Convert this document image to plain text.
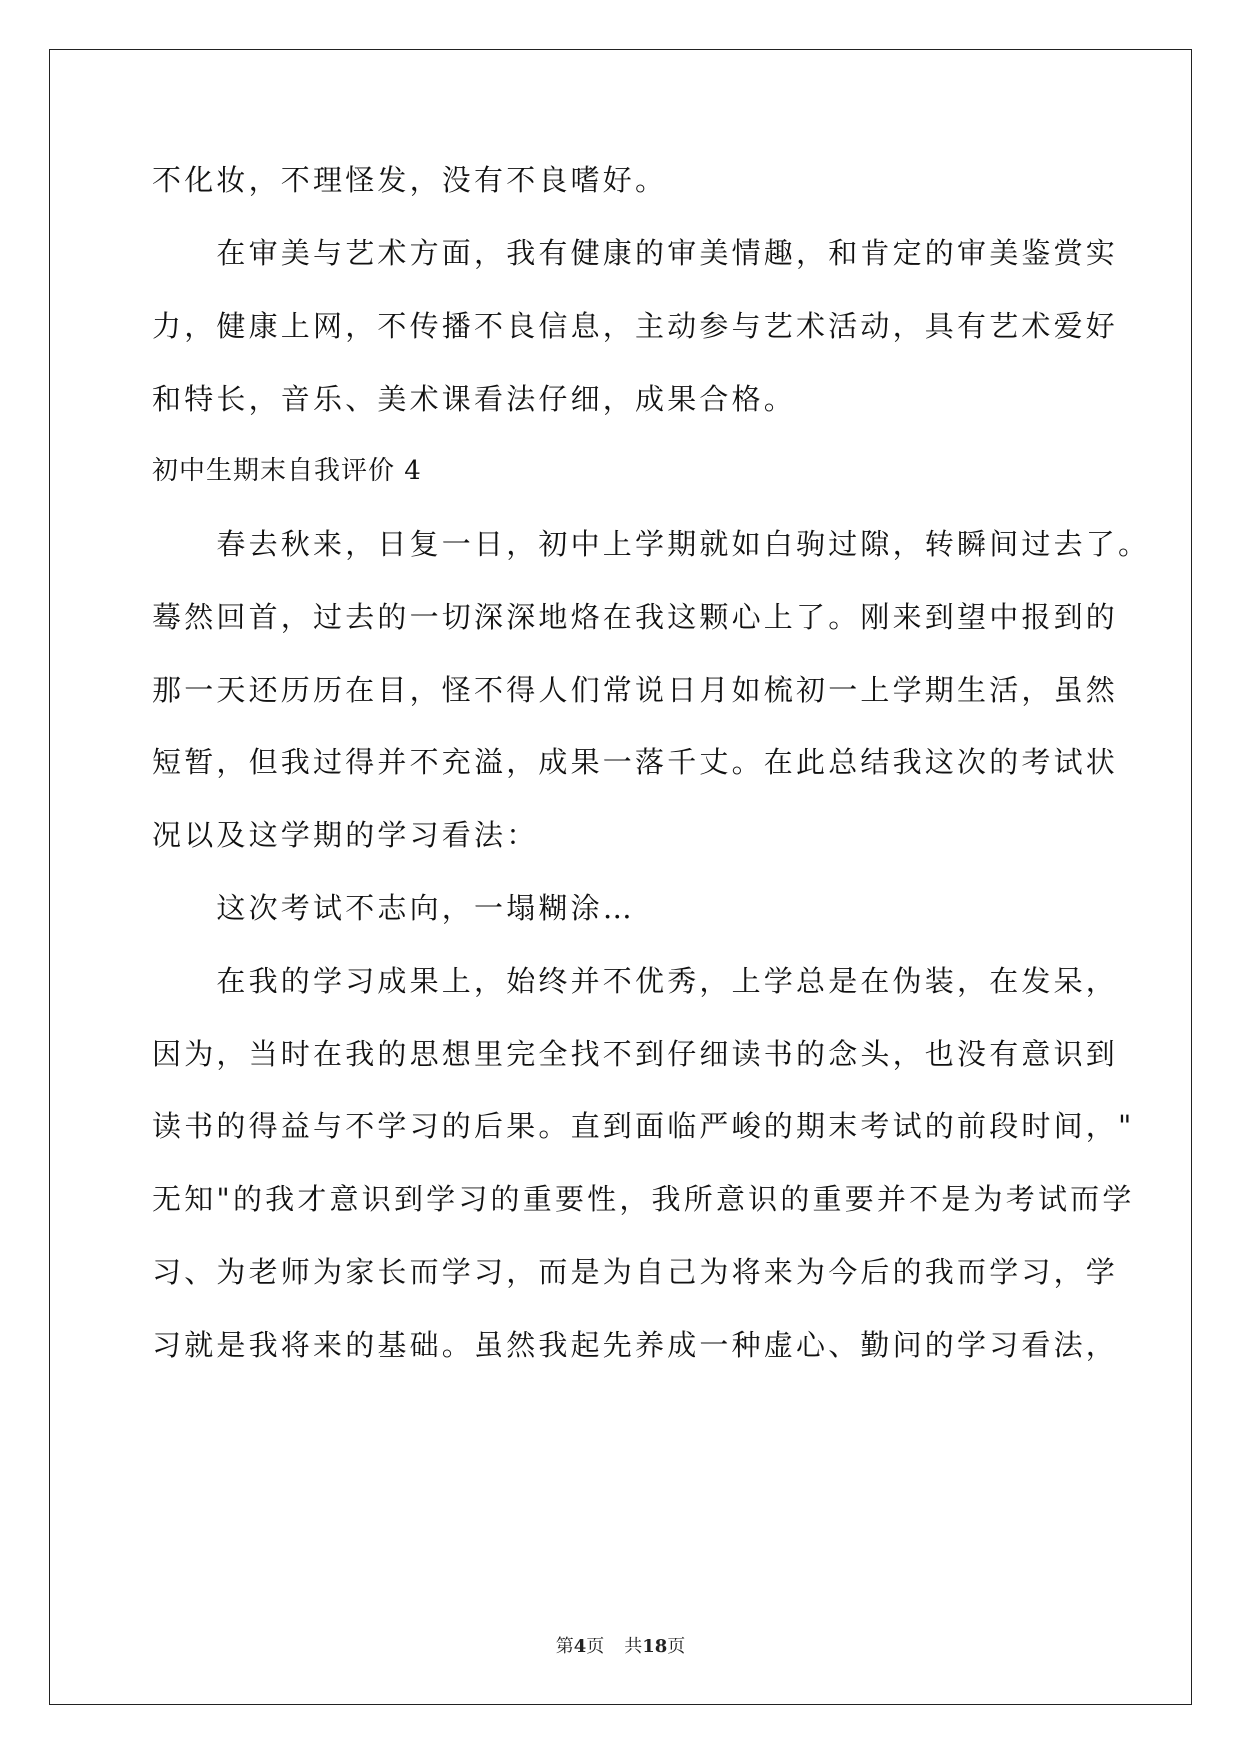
不化妆，不理怪发，没有不良嗜好。
　　在审美与艺术方面，我有健康的审美情趣，和肯定的审美鉴赏实
力，健康上网，不传播不良信息，主动参与艺术活动，具有艺术爱好
和特长，音乐、美术课看法仔细，成果合格。
初中生期末自我评价 4
　　春去秋来，日复一日，初中上学期就如白驹过隙，转瞬间过去了。
蓦然回首，过去的一切深深地烙在我这颗心上了。刚来到望中报到的
那一天还历历在目，怪不得人们常说日月如梳初一上学期生活，虽然
短暂，但我过得并不充溢，成果一落千丈。在此总结我这次的考试状
况以及这学期的学习看法：
　　这次考试不志向，一塌糊涂…
　　在我的学习成果上，始终并不优秀，上学总是在伪装，在发呆，
因为，当时在我的思想里完全找不到仔细读书的念头，也没有意识到
读书的得益与不学习的后果。直到面临严峻的期末考试的前段时间，"
无知"的我才意识到学习的重要性，我所意识的重要并不是为考试而学
习、为老师为家长而学习，而是为自己为将来为今后的我而学习，学
习就是我将来的基础。虽然我起先养成一种虚心、勤问的学习看法，
第4页 共18页
